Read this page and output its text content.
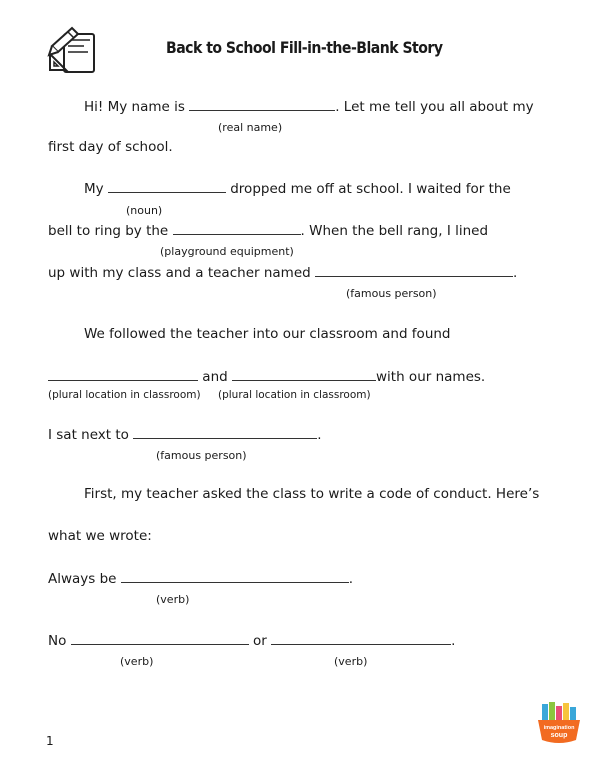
Back to School Fill-in-the-Blank Story
Hi! My name is	. Let me tell you all about my
(real name)
first day of school.
My	dropped me off at school. I waited for the
(noun)
bell to ring by the	. When the bell rang, I lined
(playground equipment)
up with my class and a teacher named	.
(famous person)
We followed the teacher into our classroom and found
and	with our names.
(plural location in classroom) (plural location in classroom)
I sat next to	.
(famous person)
First, my teacher asked the class to write a code of conduct. Here’s
what we wrote:
Always be	.
(verb)
No	or	.
(verb)	(verb)
1
imagination
soup
